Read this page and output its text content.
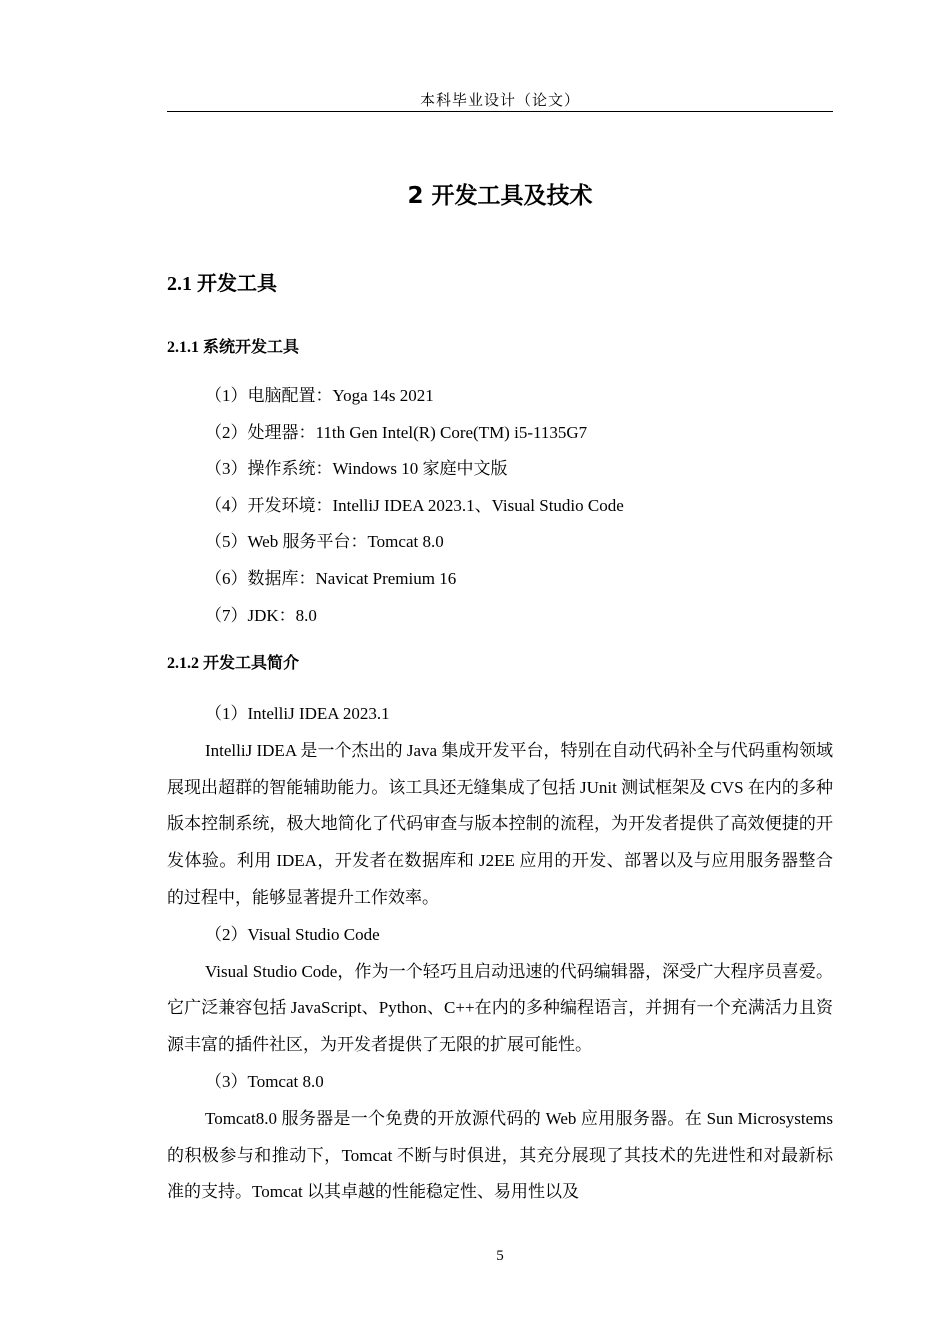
本科毕业设计（论文）
2 开发工具及技术
2.1 开发工具
2.1.1 系统开发工具
（1）电脑配置：Yoga 14s 2021
（2）处理器：11th Gen Intel(R) Core(TM) i5-1135G7
（3）操作系统：Windows 10 家庭中文版
（4）开发环境：IntelliJ IDEA 2023.1、Visual Studio Code
（5）Web 服务平台：Tomcat 8.0
（6）数据库：Navicat Premium 16
（7）JDK：8.0
2.1.2 开发工具简介

（1）IntelliJ IDEA 2023.1

IntelliJ IDEA 是一个杰出的 Java 集成开发平台，特别在自动代码补全与代码重构领域展现出超群的智能辅助能力。该工具还无缝集成了包括 JUnit 测试框架及 CVS 在内的多种版本控制系统，极大地简化了代码审查与版本控制的流程，为开发者提供了高效便捷的开发体验。利用 IDEA，开发者在数据库和 J2EE 应用的开发、部署以及与应用服务器整合的过程中，能够显著提升工作效率。

（2）Visual Studio Code

Visual Studio Code，作为一个轻巧且启动迅速的代码编辑器，深受广大程序员喜爱。它广泛兼容包括 JavaScript、Python、C++在内的多种编程语言，并拥有一个充满活力且资源丰富的插件社区，为开发者提供了无限的扩展可能性。

（3）Tomcat 8.0

Tomcat8.0 服务器是一个免费的开放源代码的 Web 应用服务器。在 Sun Microsystems 的积极参与和推动下，Tomcat 不断与时俱进，其充分展现了其技术的先进性和对最新标准的支持。Tomcat 以其卓越的性能稳定性、易用性以及

5
